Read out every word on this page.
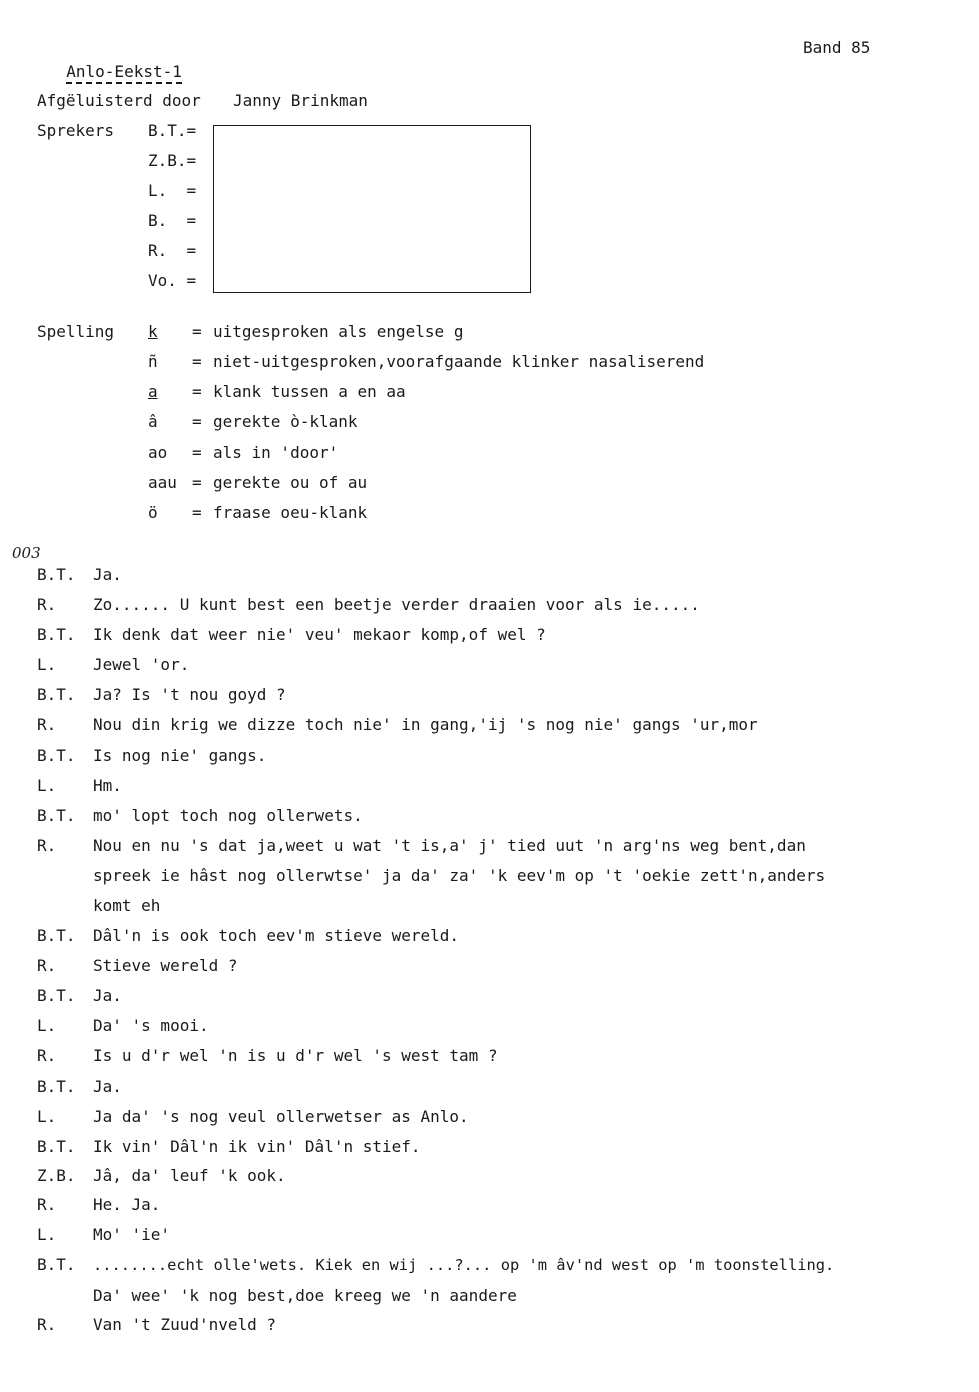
Anlo-Eekst-1

Band 85
Afgëluisterd door Janny Brinkman
Sprekers B.T.=
Z.B.=
L.  =
B.  =
R.  =
Vo. =
Spelling k = uitgesproken als engelse g
ñ = niet-uitgesproken,voorafgaande klinker nasaliserend
a = klank tussen a en aa
â = gerekte ò-klank
ao = als in 'door'
aau = gerekte ou of au
ö = fraase oeu-klank
003
B.T. Ja.
R. Zo...... U kunt best een beetje verder draaien voor als ie.....
B.T. Ik denk dat weer nie' veu' mekaor komp,of wel ?
L. Jewel 'or.
B.T. Ja? Is 't nou goyd ?
R. Nou din krig we dizze toch nie' in gang,'ij 's nog nie' gangs 'ur,mor
B.T. Is nog nie' gangs.
L. Hm.
B.T. mo' lopt toch nog ollerwets.
R. Nou en nu 's dat ja,weet u wat 't is,a' j' tied uut 'n arg'ns weg bent,dan
spreek ie hâst nog ollerwtse' ja da' za' 'k eev'm op 't 'oekie zett'n,anders
komt eh
B.T. Dâl'n is ook toch eev'm stieve wereld.
R. Stieve wereld ?
B.T. Ja.
L. Da' 's mooi.
R. Is u d'r wel 'n is u d'r wel 's west tam ?
B.T. Ja.
L. Ja da' 's nog veul ollerwetser as Anlo.
B.T. Ik vin' Dâl'n ik vin' Dâl'n stief.
Z.B. Jâ, da' leuf 'k ook.
R. He. Ja.
L. Mo' 'ie'
B.T. ........echt olle'wets. Kiek en wij ...?... op 'm âv'nd west op 'm toonstelling.
Da' wee' 'k nog best,doe kreeg we 'n aandere
R. Van 't Zuud'nveld ?
